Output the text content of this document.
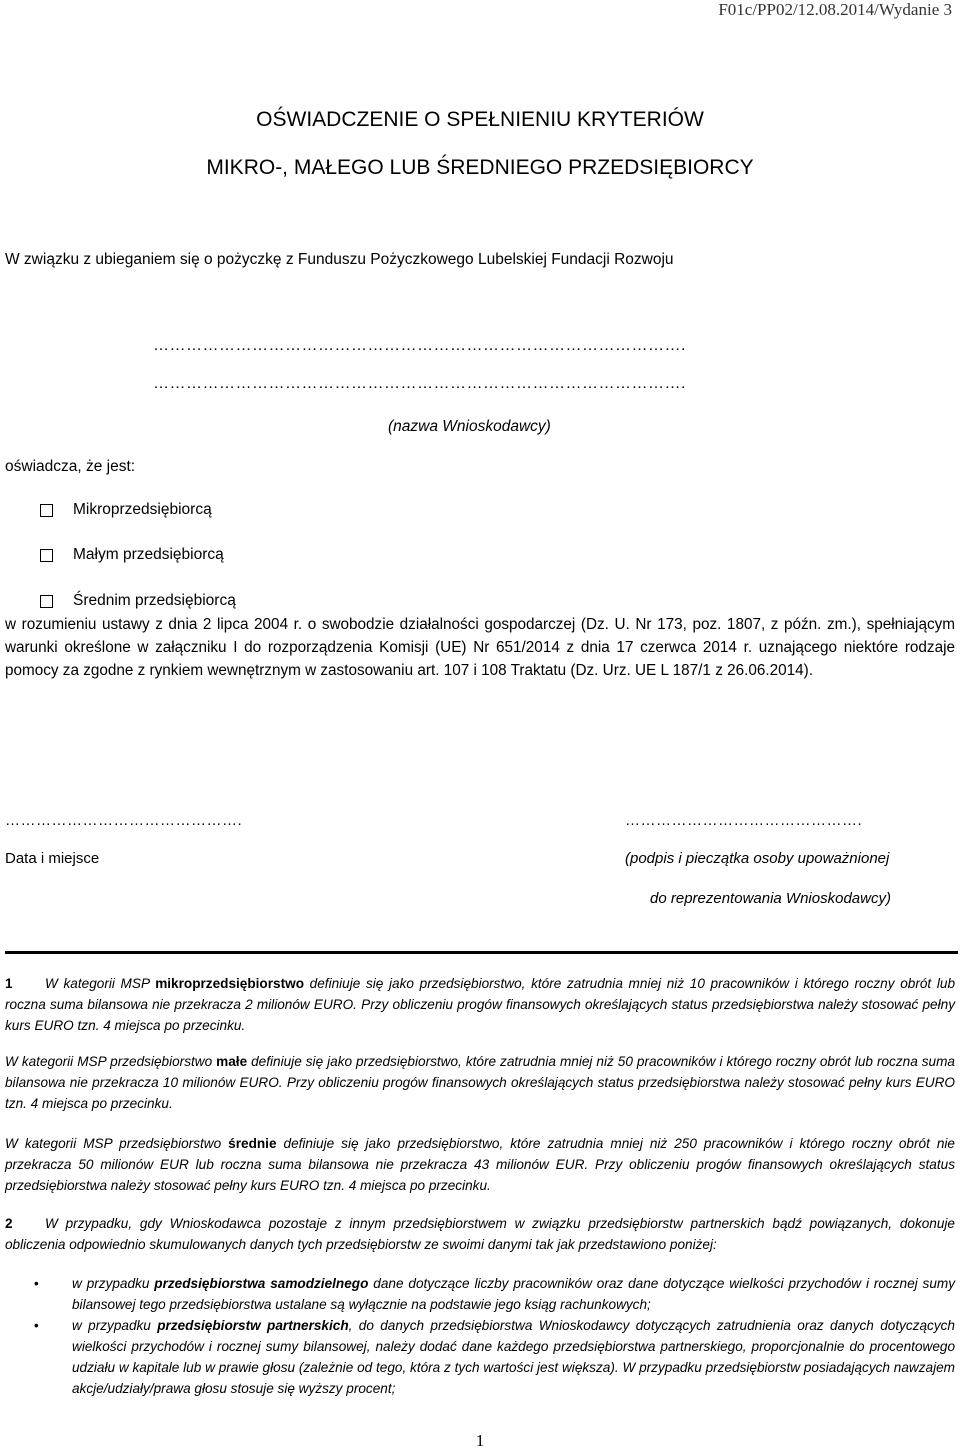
F01c/PP02/12.08.2014/Wydanie 3
OŚWIADCZENIE O SPEŁNIENIU KRYTERIÓW
MIKRO-, MAŁEGO LUB ŚREDNIEGO PRZEDSIĘBIORCY
W związku z ubieganiem się o pożyczkę z Funduszu Pożyczkowego Lubelskiej Fundacji Rozwoju
…………………………………………………………………………………….
…………………………………………………………………………………….
(nazwa Wnioskodawcy)
oświadcza, że jest:
Mikroprzedsiębiorcą
Małym przedsiębiorcą
Średnim przedsiębiorcą
w rozumieniu ustawy z dnia 2 lipca 2004 r. o swobodzie działalności gospodarczej (Dz. U. Nr 173, poz. 1807, z późn. zm.), spełniającym warunki określone w załączniku I do rozporządzenia Komisji (UE) Nr 651/2014 z dnia 17 czerwca 2014 r. uznającego niektóre rodzaje pomocy za zgodne z rynkiem wewnętrznym w zastosowaniu art. 107 i 108 Traktatu (Dz. Urz. UE L 187/1 z 26.06.2014).
……………………………………….
Data i miejsce
……………………………………….
(podpis i pieczątka osoby upoważnionej
do reprezentowania Wnioskodawcy)
1 W kategorii MSP mikroprzedsiębiorstwo definiuje się jako przedsiębiorstwo, które zatrudnia mniej niż 10 pracowników i którego roczny obrót lub roczna suma bilansowa nie przekracza 2 milionów EURO. Przy obliczeniu progów finansowych określających status przedsiębiorstwa należy stosować pełny kurs EURO tzn. 4 miejsca po przecinku.
W kategorii MSP przedsiębiorstwo małe definiuje się jako przedsiębiorstwo, które zatrudnia mniej niż 50 pracowników i którego roczny obrót lub roczna suma bilansowa nie przekracza 10 milionów EURO. Przy obliczeniu progów finansowych określających status przedsiębiorstwa należy stosować pełny kurs EURO tzn. 4 miejsca po przecinku.
W kategorii MSP przedsiębiorstwo średnie definiuje się jako przedsiębiorstwo, które zatrudnia mniej niż 250 pracowników i którego roczny obrót nie przekracza 50 milionów EUR lub roczna suma bilansowa nie przekracza 43 milionów EUR. Przy obliczeniu progów finansowych określających status przedsiębiorstwa należy stosować pełny kurs EURO tzn. 4 miejsca po przecinku.
2 W przypadku, gdy Wnioskodawca pozostaje z innym przedsiębiorstwem w związku przedsiębiorstw partnerskich bądź powiązanych, dokonuje obliczenia odpowiednio skumulowanych danych tych przedsiębiorstw ze swoimi danymi tak jak przedstawiono poniżej:
• w przypadku przedsiębiorstwa samodzielnego dane dotyczące liczby pracowników oraz dane dotyczące wielkości przychodów i rocznej sumy bilansowej tego przedsiębiorstwa ustalane są wyłącznie na podstawie jego ksiąg rachunkowych;
• w przypadku przedsiębiorstw partnerskich, do danych przedsiębiorstwa Wnioskodawcy dotyczących zatrudnienia oraz danych dotyczących wielkości przychodów i rocznej sumy bilansowej, należy dodać dane każdego przedsiębiorstwa partnerskiego, proporcjonalnie do procentowego udziału w kapitale lub w prawie głosu (zależnie od tego, która z tych wartości jest większa). W przypadku przedsiębiorstw posiadających nawzajem akcje/udziały/prawa głosu stosuje się wyższy procent;
1
